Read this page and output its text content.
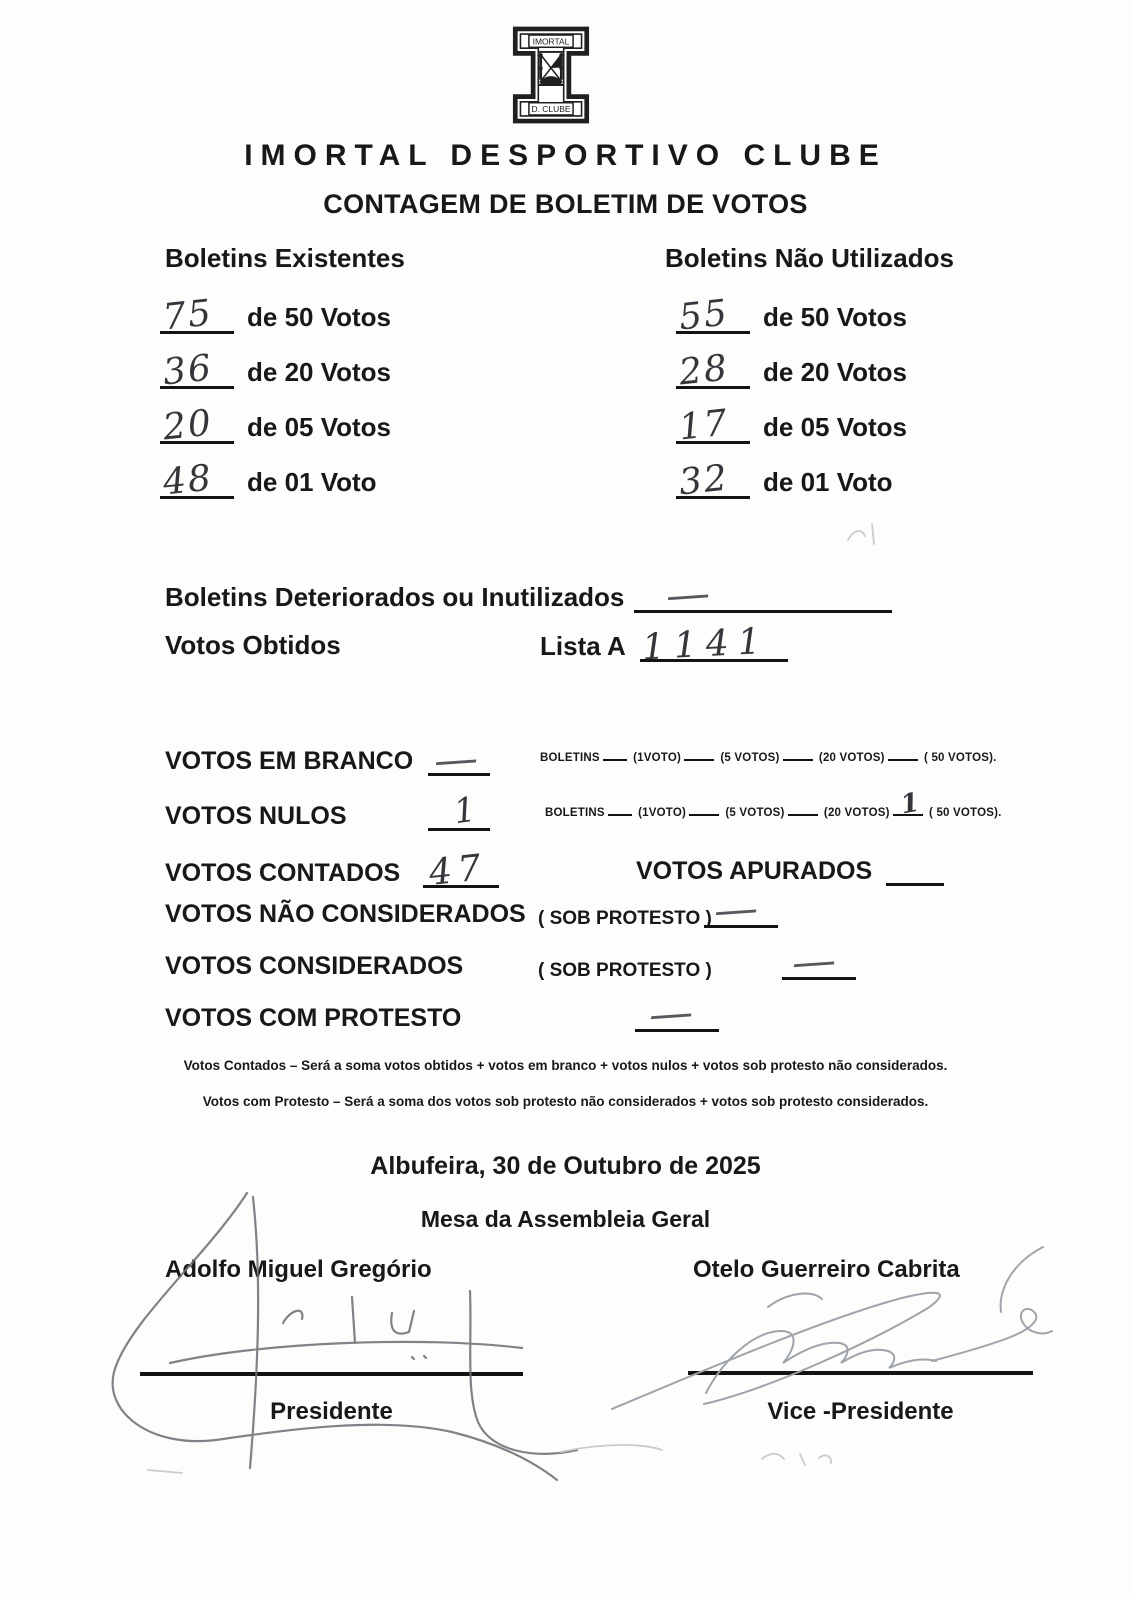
IMORTAL
D. CLUBE
IMORTAL DESPORTIVO CLUBE
CONTAGEM DE BOLETIM DE VOTOS
Boletins Existentes	Boletins Não Utilizados
75 de 50 Votos
36 de 20 Votos
20 de 05 Votos
48 de 01 Voto
55 de 50 Votos
28 de 20 Votos
17 de 05 Votos
32 de 01 Voto
Boletins Deteriorados ou Inutilizados —
Votos Obtidos	Lista A 1141
VOTOS EM BRANCO —	BOLETINS	(1VOTO)	(5 VOTOS)	(20 VOTOS)	( 50 VOTOS).
VOTOS NULOS	1	BOLETINS	(1VOTO)	(5 VOTOS)	(20 VOTOS) 1 ( 50 VOTOS).
VOTOS CONTADOS 47	VOTOS APURADOS
VOTOS NÃO CONSIDERADOS ( SOB PROTESTO ) —

VOTOS CONSIDERADOS	( SOB PROTESTO ) —

VOTOS COM PROTESTO	—
Votos Contados – Será a soma votos obtidos + votos em branco + votos nulos + votos sob protesto não considerados.
Votos com Protesto – Será a soma dos votos sob protesto não considerados + votos sob protesto considerados.
Albufeira, 30 de Outubro de 2025
Mesa da Assembleia Geral
Adolfo Miguel Gregório	Otelo Guerreiro Cabrita
Presidente	Vice -Presidente
